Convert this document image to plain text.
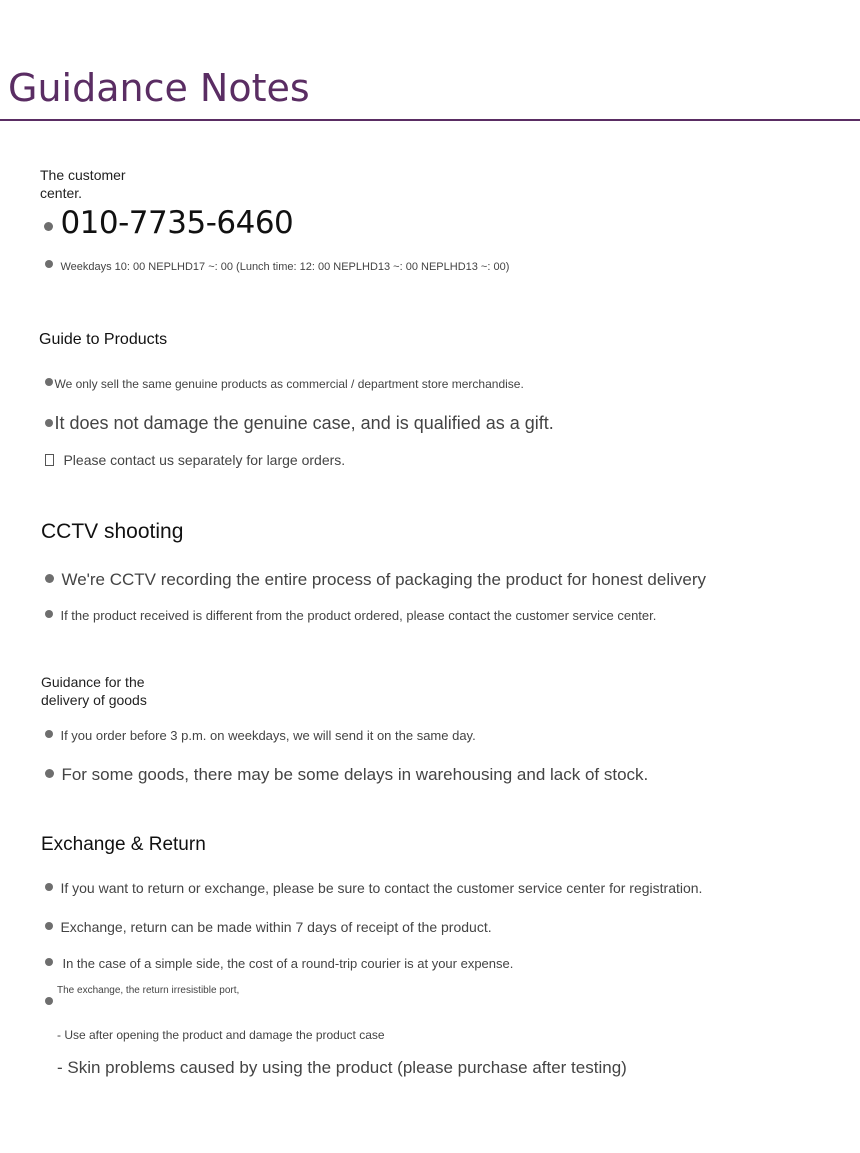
Guidance Notes
The customer center.
010-7735-6460
Weekdays 10: 00 NEPLHD17 ~: 00 (Lunch time: 12: 00 NEPLHD13 ~: 00 NEPLHD13 ~: 00)
Guide to Products
We only sell the same genuine products as commercial / department store merchandise.
It does not damage the genuine case, and is qualified as a gift.
Please contact us separately for large orders.
CCTV shooting
We're CCTV recording the entire process of packaging the product for honest delivery
If the product received is different from the product ordered, please contact the customer service center.
Guidance for the delivery of goods
If you order before 3 p.m. on weekdays, we will send it on the same day.
For some goods, there may be some delays in warehousing and lack of stock.
Exchange & Return
If you want to return or exchange, please be sure to contact the customer service center for registration.
Exchange, return can be made within 7 days of receipt of the product.
In the case of a simple side, the cost of a round-trip courier is at your expense.
The exchange, the return irresistible port,
- Use after opening the product and damage the product case
- Skin problems caused by using the product (please purchase after testing)
